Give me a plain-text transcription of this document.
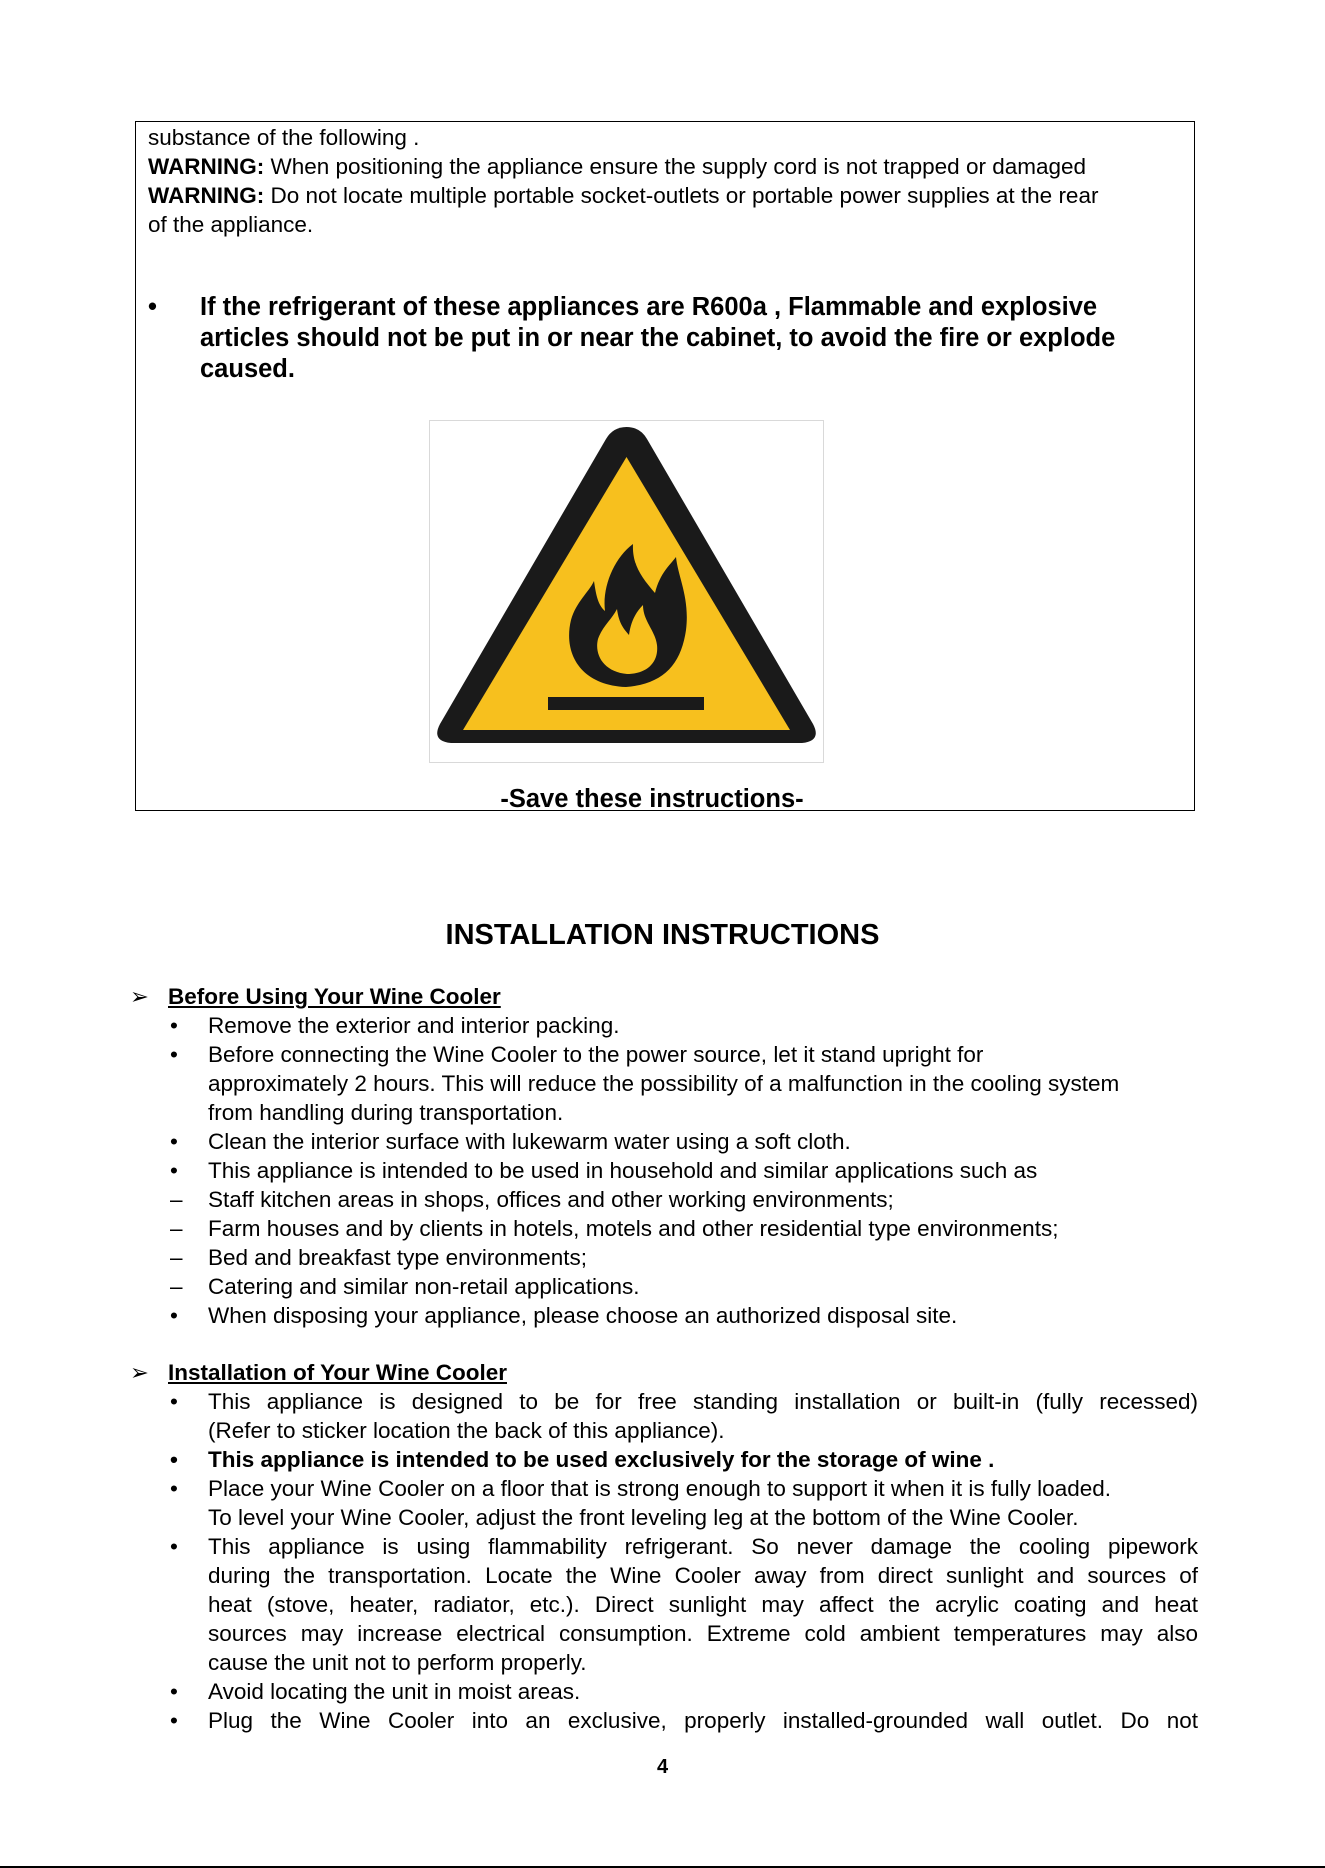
substance of the following .
WARNING: When positioning the appliance ensure the supply cord is not trapped or damaged
WARNING: Do not locate multiple portable socket-outlets or portable power supplies at the rear
of the appliance.
• If the refrigerant of these appliances are R600a , Flammable and explosive articles should not be put in or near the cabinet, to avoid the fire or explode caused.
-Save these instructions-
INSTALLATION INSTRUCTIONS
➢ Before Using Your Wine Cooler
•	Remove the exterior and interior packing.
•	Before connecting the Wine Cooler to the power source, let it stand upright for
approximately 2 hours. This will reduce the possibility of a malfunction in the cooling system
from handling during transportation.
•	Clean the interior surface with lukewarm water using a soft cloth.
•	This appliance is intended to be used in household and similar applications such as
–	Staff kitchen areas in shops, offices and other working environments;
–	Farm houses and by clients in hotels, motels and other residential type environments;
–	Bed and breakfast type environments;
–	Catering and similar non-retail applications.
•	When disposing your appliance, please choose an authorized disposal site.
➢ Installation of Your Wine Cooler
•	This appliance is designed to be for free standing installation or built-in (fully recessed)
(Refer to sticker location the back of this appliance).
•	This appliance is intended to be used exclusively for the storage of wine .
•	Place your Wine Cooler on a floor that is strong enough to support it when it is fully loaded.
To level your Wine Cooler, adjust the front leveling leg at the bottom of the Wine Cooler.
•	This appliance is using flammability refrigerant. So never damage the cooling pipework
during the transportation. Locate the Wine Cooler away from direct sunlight and sources of
heat (stove, heater, radiator, etc.). Direct sunlight may affect the acrylic coating and heat
sources may increase electrical consumption. Extreme cold ambient temperatures may also
cause the unit not to perform properly.
•	Avoid locating the unit in moist areas.
•	Plug the Wine Cooler into an exclusive, properly installed-grounded wall outlet. Do not
4
